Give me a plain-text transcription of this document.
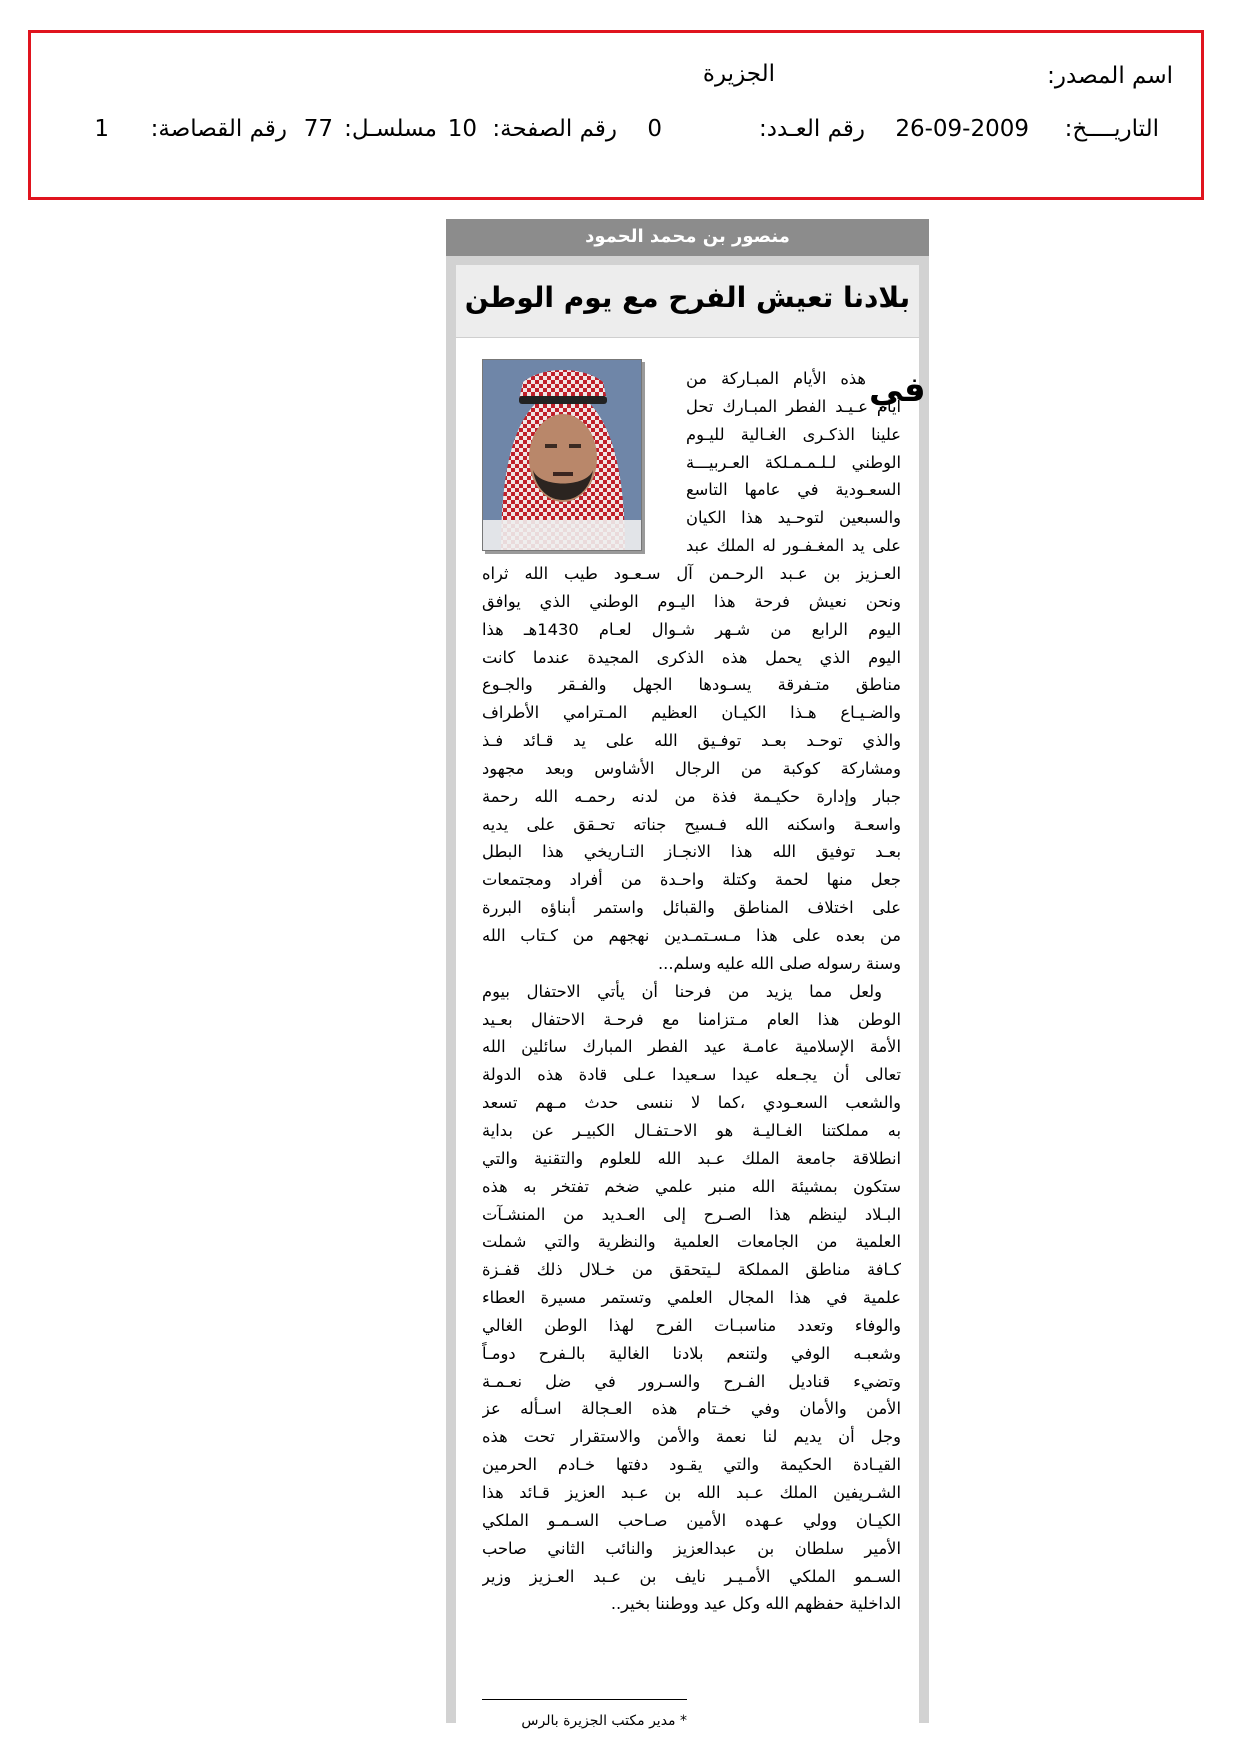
اسم المصدر:
الجزيرة
التاريــــخ:
26-09-2009
رقم العـدد:
0
رقم الصفحة:
10
مسلسـل:
77
رقم القصاصة:
1
منصور بن محمد الحمود
بلادنا تعيش الفرح مع يوم الوطن
في
هذه الأيام المبـاركة من
أيام عـيـد الفطر المبـارك تحل
علينا الذكـرى الغـالية لليـوم
الوطني لـلـمـمـلكة العـربيـــة
السعـودية في عامها التاسع
والسبعين لتوحـيد هذا الكيان
على يد المغـفـور له الملك عبد
العـزيز بن عـبد الرحـمن آل سـعـود طيب الله ثراه
ونحن نعيش فرحة هذا اليـوم الوطني الذي يوافق
اليوم الرابع من شـهر شـوال لعـام 1430هـ هذا
اليوم الذي يحمل هذه الذكرى المجيدة عندما كانت
مناطق متـفرقة يسـودها الجهل والفـقر والجـوع
والضـيـاع هـذا الكيـان العظيم المـترامي الأطراف
والذي توحـد بعـد توفـيق الله على يد قـائد فـذ
ومشاركة كوكبة من الرجال الأشاوس وبعد مجهود
جبار وإدارة حكيـمة فذة من لدنه رحمـه الله رحمة
واسعـة واسكنه الله فـسيح جناته تحـقق على يديه
بعـد توفيق الله هذا الانجـاز التـاريخي هذا البطل
جعل منها لحمة وكتلة واحـدة من أفراد ومجتمعات
على اختلاف المناطق والقبائل واستمر أبناؤه البررة
من بعده على هذا مـسـتمـدين نهجهم من كـتاب الله
وسنة رسوله صلى الله عليه وسلم...
ولعل مما يزيد من فرحنا أن يأتي الاحتفال بيوم
الوطن هذا العام مـتزامنا مع فرحـة الاحتفال بعـيد
الأمة الإسلامية عامـة عيد الفطر المبارك سائلين الله
تعالى أن يجـعله عيدا سـعيدا عـلى قادة هذه الدولة
والشعب السعـودي ،كما لا ننسى حدث مـهم تسعد
به مملكتنا الغـاليـة هو الاحـتفـال الكبيـر عن بداية
انطلاقة جامعة الملك عـبد الله للعلوم والتقنية والتي
ستكون بمشيئة الله منبر علمي ضخم تفتخر به هذه
البـلاد لينظم هذا الصـرح إلى العـديد من المنشـآت
العلمية من الجامعات العلمية والنظرية والتي شملت
كـافة مناطق المملكة لـيتحقق من خـلال ذلك قفـزة
علمية في هذا المجال العلمي وتستمر مسيرة العطاء
والوفاء وتعدد مناسبـات الفرح لهذا الوطن الغالي
وشعبـه الوفي ولتنعم بلادنا الغالية بالـفرح دومـاً
وتضيء قناديل الفـرح والسـرور في ضل نعـمـة
الأمن والأمان وفي خـتام هذه العـجالة اسـأله عز
وجل أن يديم لنا نعمة والأمن والاستقرار تحت هذه
القيـادة الحكيمة والتي يقـود دفتها خـادم الحرمين
الشـريفين الملك عـبد الله بن عـبد العزيز قـائد هذا
الكيـان وولي عـهده الأمين صـاحب السـمـو الملكي
الأمير سلطان بن عبدالعزيز والنائب الثاني صاحب
السـمو الملكي الأمـيـر نايف بن عـبد العـزيز وزير
الداخلية حفظهم الله وكل عيد ووطننا بخير..
* مدير مكتب الجزيرة بالرس
